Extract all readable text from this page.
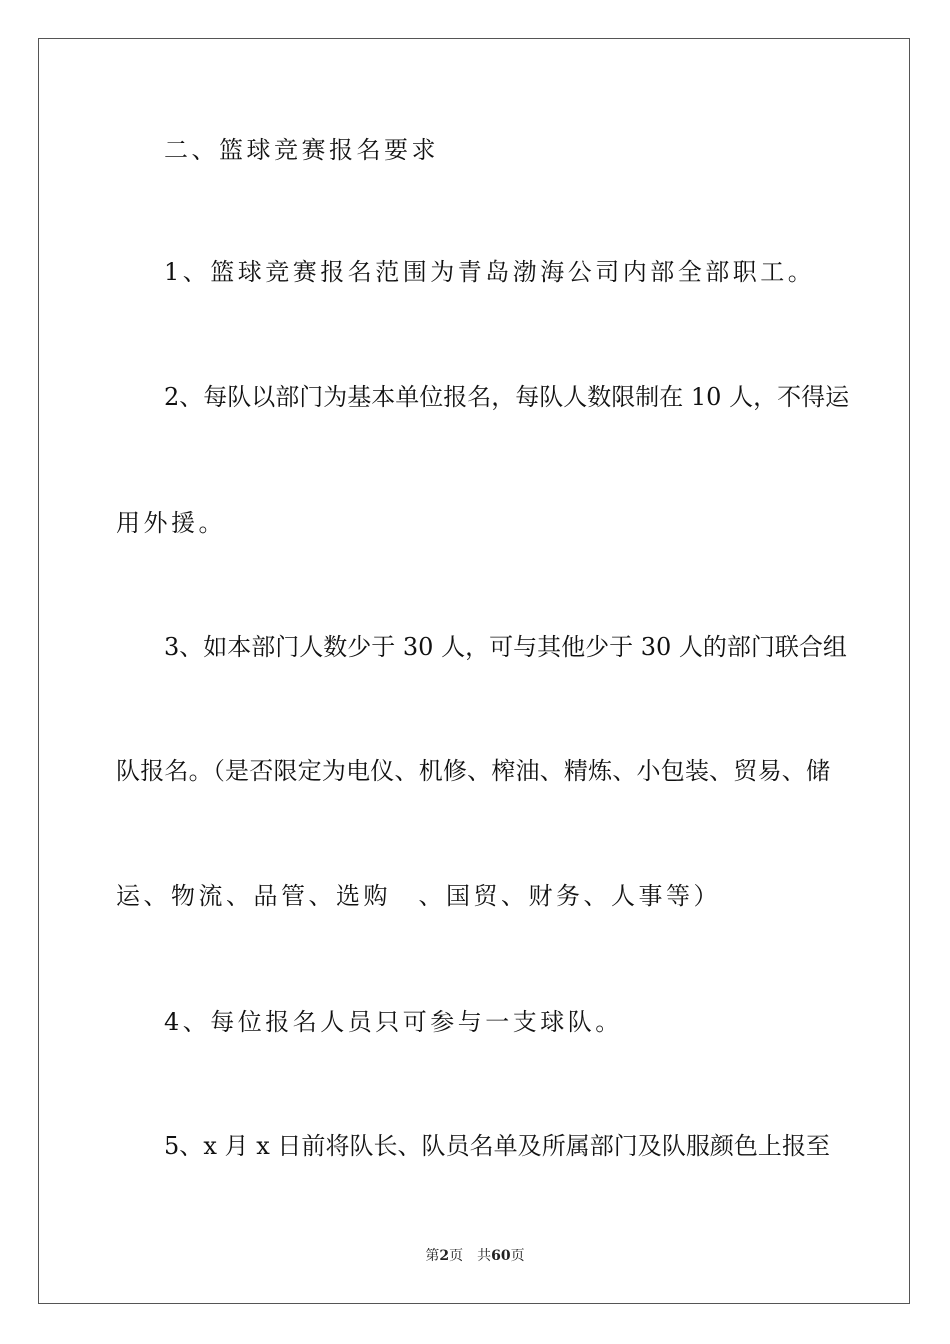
二、篮球竞赛报名要求
1、篮球竞赛报名范围为青岛渤海公司内部全部职工。
2、每队以部门为基本单位报名，每队人数限制在 10 人，不得运
用外援。
3、如本部门人数少于 30 人，可与其他少于 30 人的部门联合组
队报名。（是否限定为电仪、机修、榨油、精炼、小包装、贸易、储
运、物流、品管、选购　、国贸、财务、人事等）
4、每位报名人员只可参与一支球队。
5、x 月 x 日前将队长、队员名单及所属部门及队服颜色上报至
第2页　共60页
